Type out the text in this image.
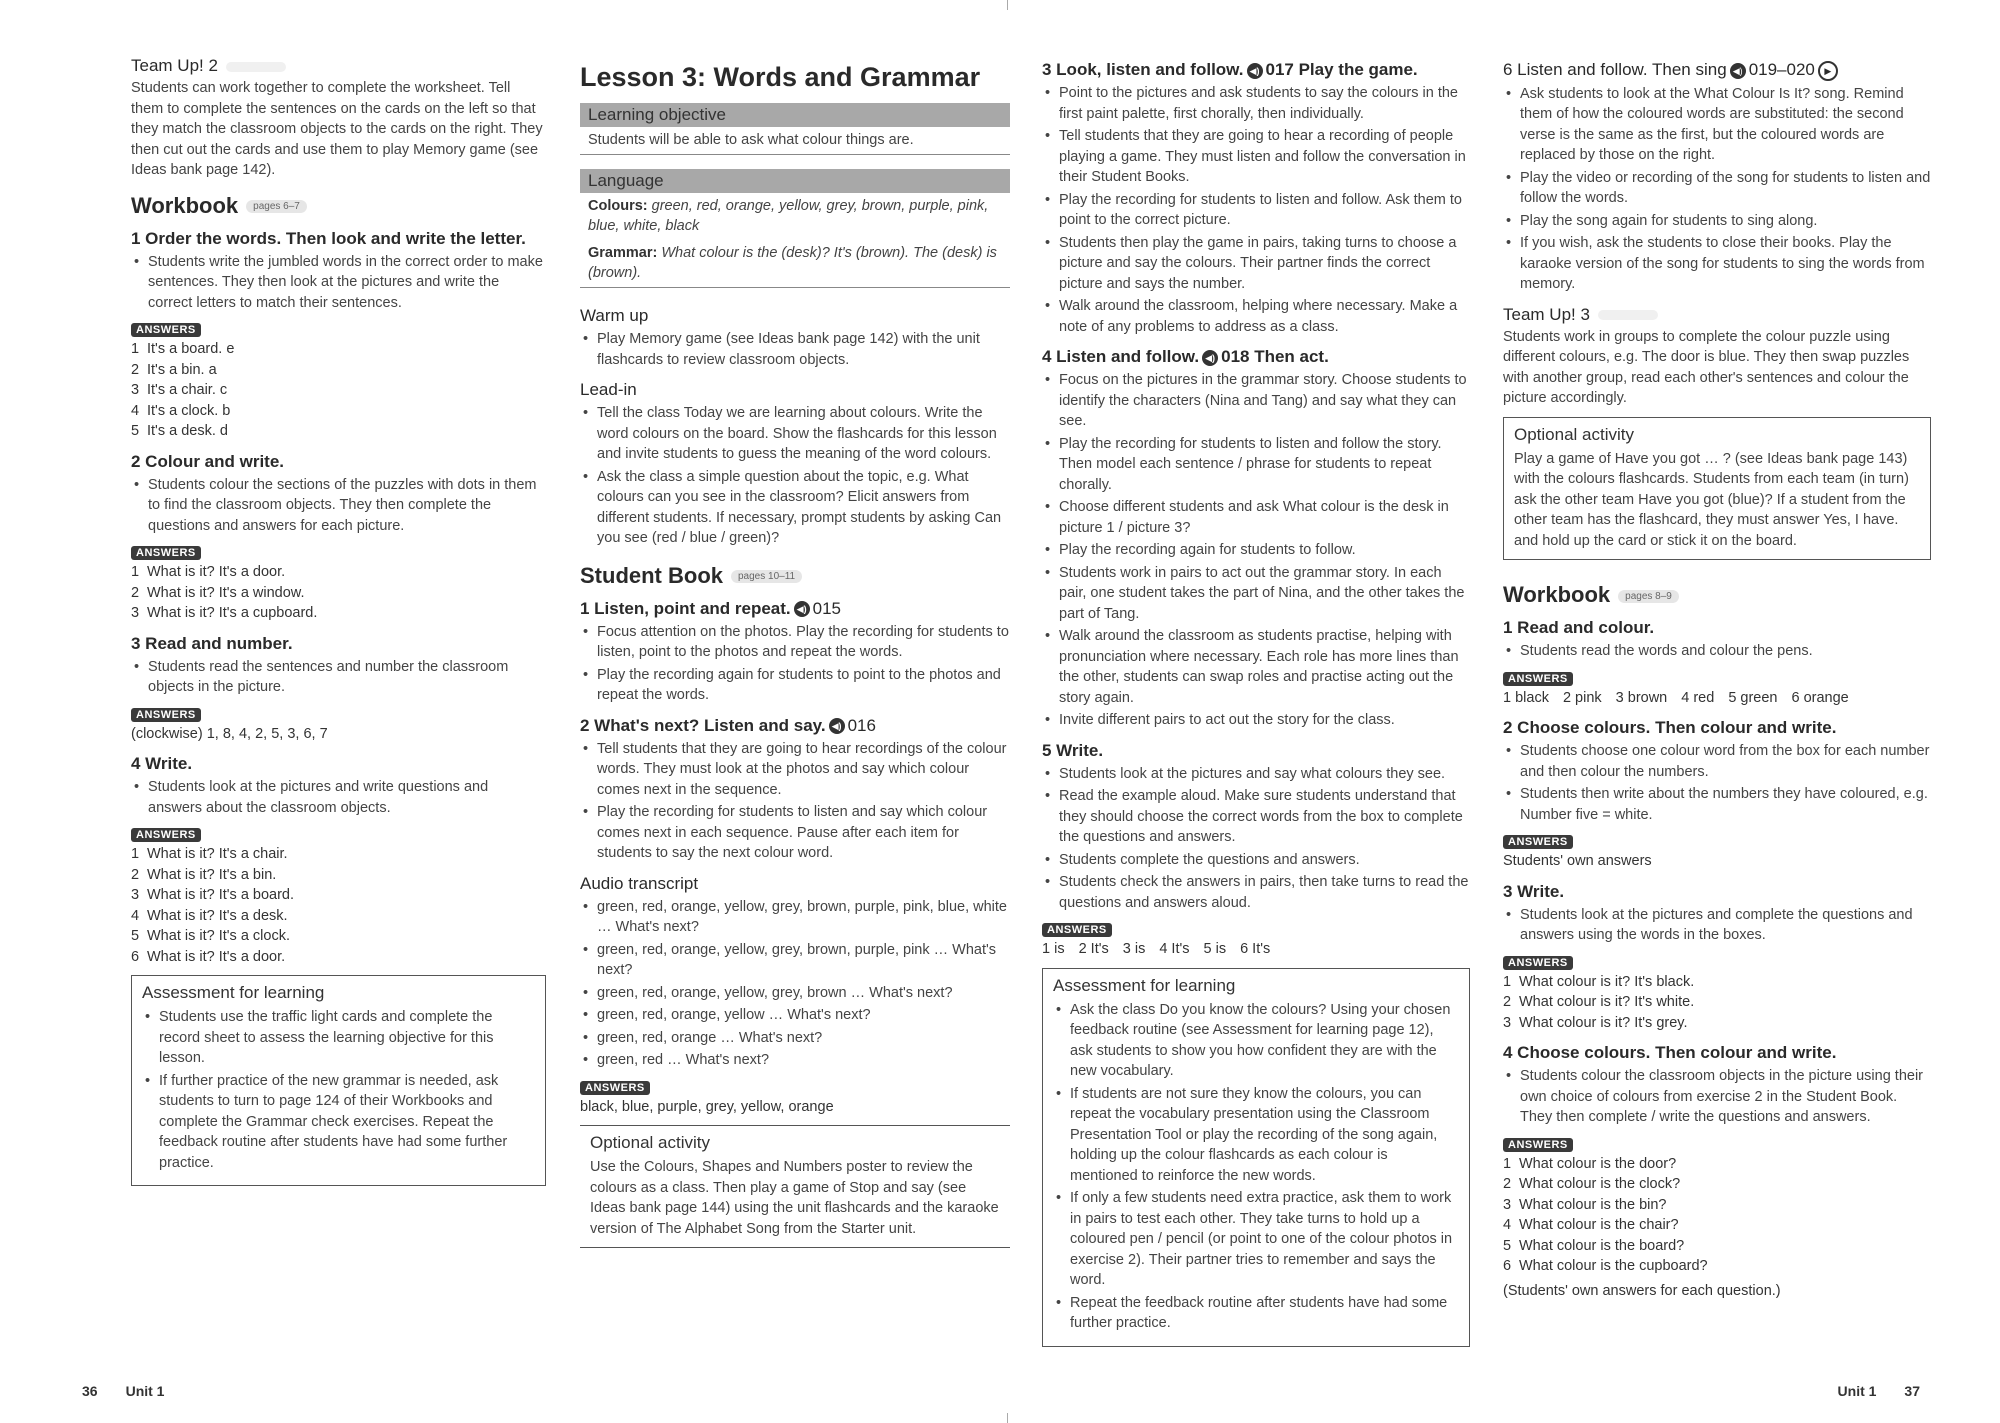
Team Up! 2

Students can work together to complete the worksheet. Tell them to complete the sentences on the cards on the left so that they match the classroom objects to the cards on the right. They then cut out the cards and use them to play Memory game (see Ideas bank page 142).

Workbook pages 6–7
1 Order the words. Then look and write the letter.
• Students write the jumbled words in the correct order to make sentences. They then look at the pictures and write the correct letters to match their sentences.
ANSWERS
1 It's a board. e
2 It's a bin. a
3 It's a chair. c
4 It's a clock. b
5 It's a desk. d
2 Colour and write.
• Students colour the sections of the puzzles with dots in them to find the classroom objects. They then complete the questions and answers for each picture.
ANSWERS
1 What is it? It's a door.
2 What is it? It's a window.
3 What is it? It's a cupboard.
3 Read and number.
• Students read the sentences and number the classroom objects in the picture.
ANSWERS
(clockwise) 1, 8, 4, 2, 5, 3, 6, 7
4 Write.
• Students look at the pictures and write questions and answers about the classroom objects.
ANSWERS
1 What is it? It's a chair.
2 What is it? It's a bin.
3 What is it? It's a board.
4 What is it? It's a desk.
5 What is it? It's a clock.
6 What is it? It's a door.
Assessment for learning
• Students use the traffic light cards and complete the record sheet to assess the learning objective for this lesson.
• If further practice of the new grammar is needed, ask students to turn to page 124 of their Workbooks and complete the Grammar check exercises. Repeat the feedback routine after students have had some further practice.
Lesson 3: Words and Grammar
Learning objective
Students will be able to ask what colour things are.
Language
Colours: green, red, orange, yellow, grey, brown, purple, pink, blue, white, black
Grammar: What colour is the (desk)? It's (brown). The (desk) is (brown).
Warm up
• Play Memory game (see Ideas bank page 142) with the unit flashcards to review classroom objects.
Lead-in
• Tell the class Today we are learning about colours. Write the word colours on the board. Show the flashcards for this lesson and invite students to guess the meaning of the word colours.
• Ask the class a simple question about the topic, e.g. What colours can you see in the classroom? Elicit answers from different students. If necessary, prompt students by asking Can you see (red / blue / green)?
Student Book pages 10–11
1 Listen, point and repeat. ◀) 015
• Focus attention on the photos. Play the recording for students to listen, point to the photos and repeat the words.
• Play the recording again for students to point to the photos and repeat the words.
2 What's next? Listen and say. ◀) 016
• Tell students that they are going to hear recordings of the colour words. They must look at the photos and say which colour comes next in the sequence.
• Play the recording for students to listen and say which colour comes next in each sequence. Pause after each item for students to say the next colour word.
Audio transcript
• green, red, orange, yellow, grey, brown, purple, pink, blue, white … What's next?
• green, red, orange, yellow, grey, brown, purple, pink … What's next?
• green, red, orange, yellow, grey, brown … What's next?
• green, red, orange, yellow … What's next?
• green, red, orange … What's next?
• green, red … What's next?
ANSWERS
black, blue, purple, grey, yellow, orange
Optional activity

Use the Colours, Shapes and Numbers poster to review the colours as a class. Then play a game of Stop and say (see Ideas bank page 144) using the unit flashcards and the karaoke version of The Alphabet Song from the Starter unit.

3 Look, listen and follow. ◀) 017 Play the game.
• Point to the pictures and ask students to say the colours in the first paint palette, first chorally, then individually.
• Tell students that they are going to hear a recording of people playing a game. They must listen and follow the conversation in their Student Books.
• Play the recording for students to listen and follow. Ask them to point to the correct picture.
• Students then play the game in pairs, taking turns to choose a picture and say the colours. Their partner finds the correct picture and says the number.
• Walk around the classroom, helping where necessary. Make a note of any problems to address as a class.
4 Listen and follow. ◀) 018 Then act.
• Focus on the pictures in the grammar story. Choose students to identify the characters (Nina and Tang) and say what they can see.
• Play the recording for students to listen and follow the story. Then model each sentence / phrase for students to repeat chorally.
• Choose different students and ask What colour is the desk in picture 1 / picture 3?
• Play the recording again for students to follow.
• Students work in pairs to act out the grammar story. In each pair, one student takes the part of Nina, and the other takes the part of Tang.
• Walk around the classroom as students practise, helping with pronunciation where necessary. Each role has more lines than the other, students can swap roles and practise acting out the story again.
• Invite different pairs to act out the story for the class.
5 Write.
• Students look at the pictures and say what colours they see.
• Read the example aloud. Make sure students understand that they should choose the correct words from the box to complete the questions and answers.
• Students complete the questions and answers.
• Students check the answers in pairs, then take turns to read the questions and answers aloud.
ANSWERS
1 is 2 It's 3 is 4 It's 5 is 6 It's
Assessment for learning
• Ask the class Do you know the colours? Using your chosen feedback routine (see Assessment for learning page 12), ask students to show you how confident they are with the new vocabulary.
• If students are not sure they know the colours, you can repeat the vocabulary presentation using the Classroom Presentation Tool or play the recording of the song again, holding up the colour flashcards as each colour is mentioned to reinforce the new words.
• If only a few students need extra practice, ask them to work in pairs to test each other. They take turns to hold up a coloured pen / pencil (or point to one of the colour photos in exercise 2). Their partner tries to remember and says the word.
• Repeat the feedback routine after students have had some further practice.
6 Listen and follow. Then sing ◀) 019–020 ▶
• Ask students to look at the What Colour Is It? song. Remind them of how the coloured words are substituted: the second verse is the same as the first, but the coloured words are replaced by those on the right.
• Play the video or recording of the song for students to listen and follow the words.
• Play the song again for students to sing along.
• If you wish, ask the students to close their books. Play the karaoke version of the song for students to sing the words from memory.
Team Up! 3

Students work in groups to complete the colour puzzle using different colours, e.g. The door is blue. They then swap puzzles with another group, read each other's sentences and colour the picture accordingly.

Optional activity

Play a game of Have you got … ? (see Ideas bank page 143) with the colours flashcards. Students from each team (in turn) ask the other team Have you got (blue)? If a student from the other team has the flashcard, they must answer Yes, I have. and hold up the card or stick it on the board.

Workbook pages 8–9
1 Read and colour.
• Students read the words and colour the pens.
ANSWERS
1 black 2 pink 3 brown 4 red 5 green 6 orange
2 Choose colours. Then colour and write.
• Students choose one colour word from the box for each number and then colour the numbers.
• Students then write about the numbers they have coloured, e.g. Number five = white.
ANSWERS
Students' own answers
3 Write.
• Students look at the pictures and complete the questions and answers using the words in the boxes.
ANSWERS
1 What colour is it? It's black.
2 What colour is it? It's white.
3 What colour is it? It's grey.
4 Choose colours. Then colour and write.
• Students colour the classroom objects in the picture using their own choice of colours from exercise 2 in the Student Book. They then complete / write the questions and answers.
ANSWERS
1 What colour is the door?
2 What colour is the clock?
3 What colour is the bin?
4 What colour is the chair?
5 What colour is the board?
6 What colour is the cupboard?
(Students' own answers for each question.)
36 Unit 1	Unit 1 37
